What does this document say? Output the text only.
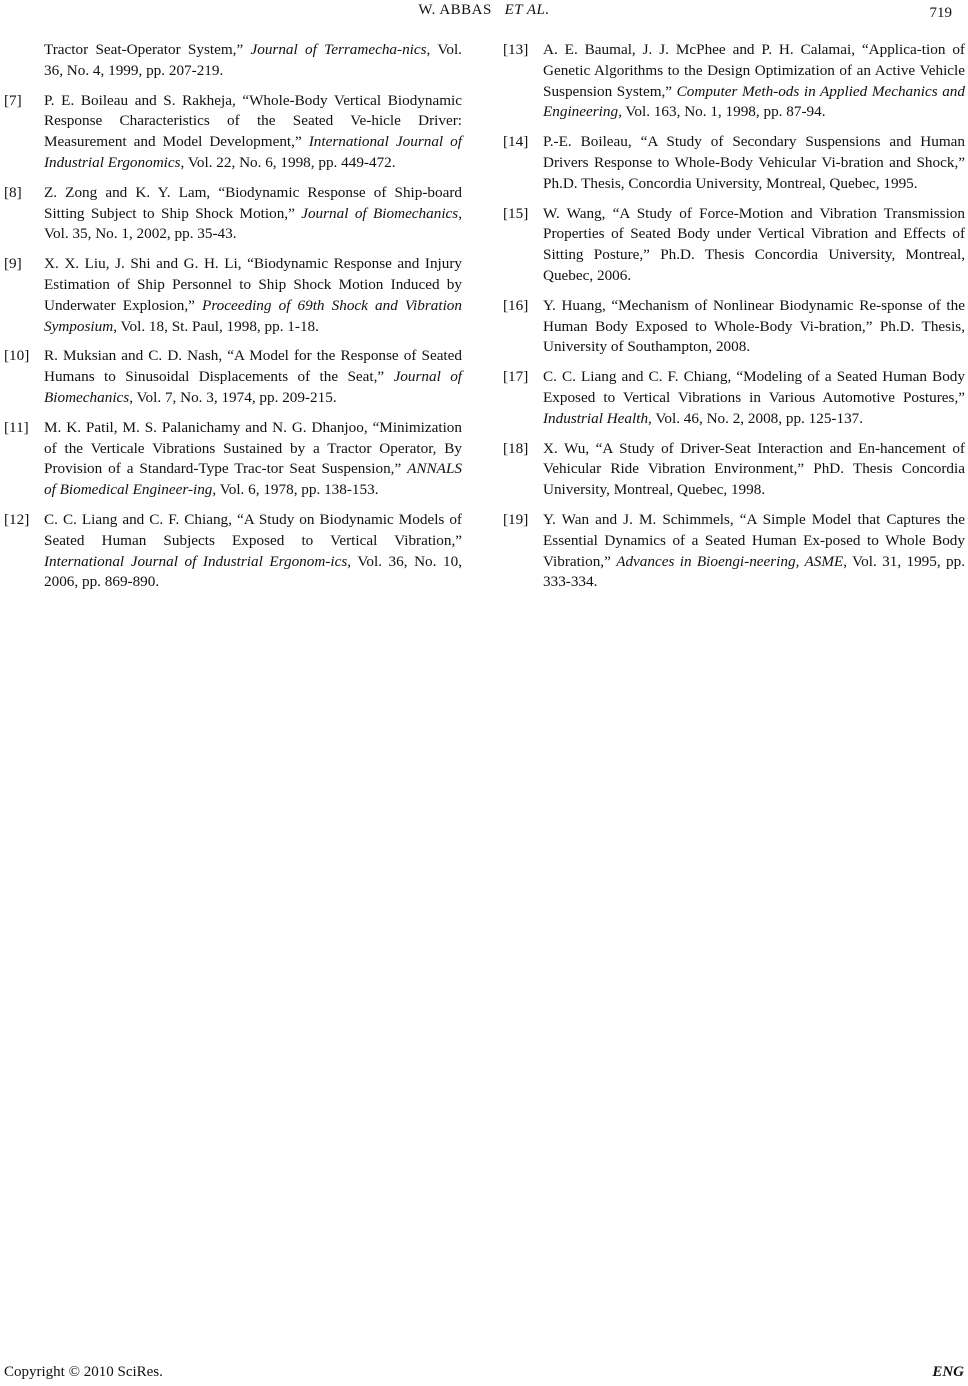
W. ABBAS ET AL.	719
Tractor Seat-Operator System,” Journal of Terramecha-nics, Vol. 36, No. 4, 1999, pp. 207-219.
[7] P. E. Boileau and S. Rakheja, “Whole-Body Vertical Biodynamic Response Characteristics of the Seated Ve-hicle Driver: Measurement and Model Development,” International Journal of Industrial Ergonomics, Vol. 22, No. 6, 1998, pp. 449-472.
[8] Z. Zong and K. Y. Lam, “Biodynamic Response of Ship-board Sitting Subject to Ship Shock Motion,” Journal of Biomechanics, Vol. 35, No. 1, 2002, pp. 35-43.
[9] X. X. Liu, J. Shi and G. H. Li, “Biodynamic Response and Injury Estimation of Ship Personnel to Ship Shock Motion Induced by Underwater Explosion,” Proceeding of 69th Shock and Vibration Symposium, Vol. 18, St. Paul, 1998, pp. 1-18.
[10] R. Muksian and C. D. Nash, “A Model for the Response of Seated Humans to Sinusoidal Displacements of the Seat,” Journal of Biomechanics, Vol. 7, No. 3, 1974, pp. 209-215.
[11] M. K. Patil, M. S. Palanichamy and N. G. Dhanjoo, “Minimization of the Verticale Vibrations Sustained by a Tractor Operator, By Provision of a Standard-Type Trac-tor Seat Suspension,” ANNALS of Biomedical Engineer-ing, Vol. 6, 1978, pp. 138-153.
[12] C. C. Liang and C. F. Chiang, “A Study on Biodynamic Models of Seated Human Subjects Exposed to Vertical Vibration,” International Journal of Industrial Ergonom-ics, Vol. 36, No. 10, 2006, pp. 869-890.
[13] A. E. Baumal, J. J. McPhee and P. H. Calamai, “Applica-tion of Genetic Algorithms to the Design Optimization of an Active Vehicle Suspension System,” Computer Meth-ods in Applied Mechanics and Engineering, Vol. 163, No. 1, 1998, pp. 87-94.
[14] P.-E. Boileau, “A Study of Secondary Suspensions and Human Drivers Response to Whole-Body Vehicular Vi-bration and Shock,” Ph.D. Thesis, Concordia University, Montreal, Quebec, 1995.
[15] W. Wang, “A Study of Force-Motion and Vibration Transmission Properties of Seated Body under Vertical Vibration and Effects of Sitting Posture,” Ph.D. Thesis Concordia University, Montreal, Quebec, 2006.
[16] Y. Huang, “Mechanism of Nonlinear Biodynamic Re-sponse of the Human Body Exposed to Whole-Body Vi-bration,” Ph.D. Thesis, University of Southampton, 2008.
[17] C. C. Liang and C. F. Chiang, “Modeling of a Seated Human Body Exposed to Vertical Vibrations in Various Automotive Postures,” Industrial Health, Vol. 46, No. 2, 2008, pp. 125-137.
[18] X. Wu, “A Study of Driver-Seat Interaction and En-hancement of Vehicular Ride Vibration Environment,” PhD. Thesis Concordia University, Montreal, Quebec, 1998.
[19] Y. Wan and J. M. Schimmels, “A Simple Model that Captures the Essential Dynamics of a Seated Human Ex-posed to Whole Body Vibration,” Advances in Bioengi-neering, ASME, Vol. 31, 1995, pp. 333-334.
Copyright © 2010 SciRes.	ENG
